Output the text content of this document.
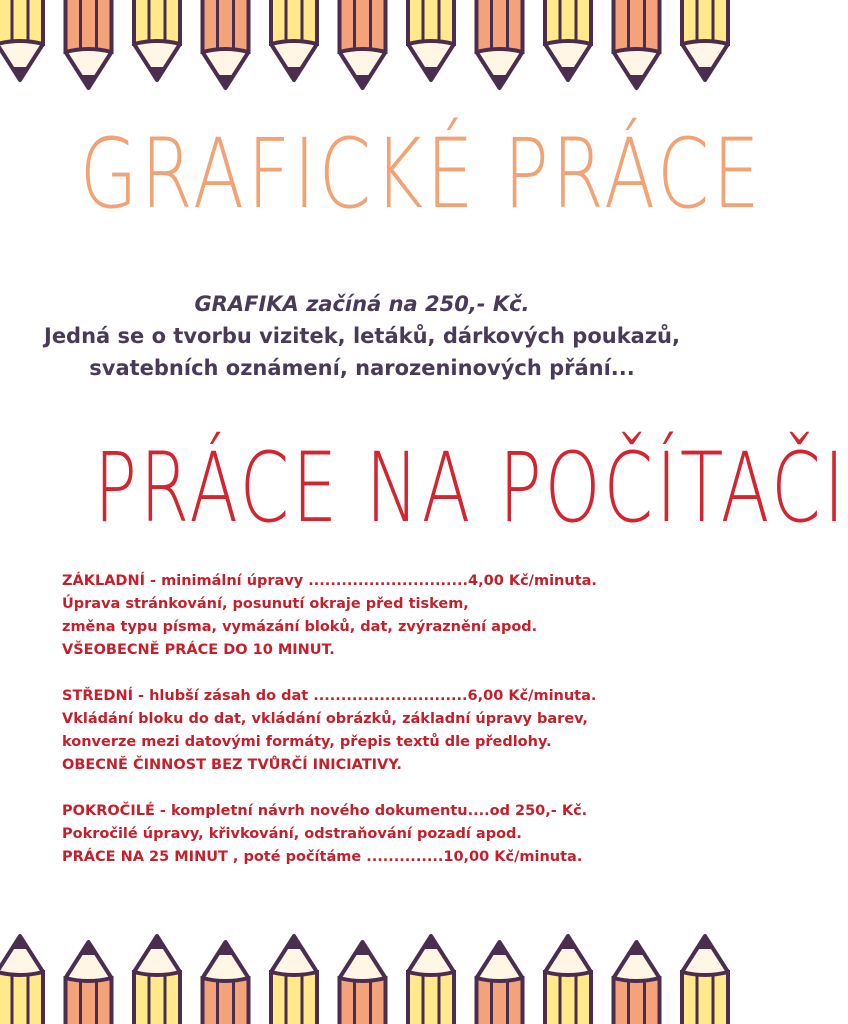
GRAFICKÉ PRÁCE
GRAFIKA začíná na 250,- Kč.
Jedná se o tvorbu vizitek, letáků, dárkových poukazů,
svatebních oznámení, narozeninových přání...
PRÁCE NA POČÍTAČI
ZÁKLADNÍ - minimální úpravy .............................4,00 Kč/minuta.
Úprava stránkování, posunutí okraje před tiskem,
změna typu písma, vymázání bloků, dat, zvýraznění apod.
VŠEOBECNĚ PRÁCE DO 10 MINUT.
STŘEDNÍ - hlubší zásah do dat ............................6,00 Kč/minuta.
Vkládání bloku do dat, vkládání obrázků, základní úpravy barev,
konverze mezi datovými formáty, přepis textů dle předlohy.
OBECNĚ ČINNOST BEZ TVŮRČÍ INICIATIVY.
POKROČILÉ - kompletní návrh nového dokumentu....od 250,- Kč.
Pokročilé úpravy, křivkování, odstraňování pozadí apod.
PRÁCE NA 25 MINUT , poté počítáme ..............10,00 Kč/minuta.
